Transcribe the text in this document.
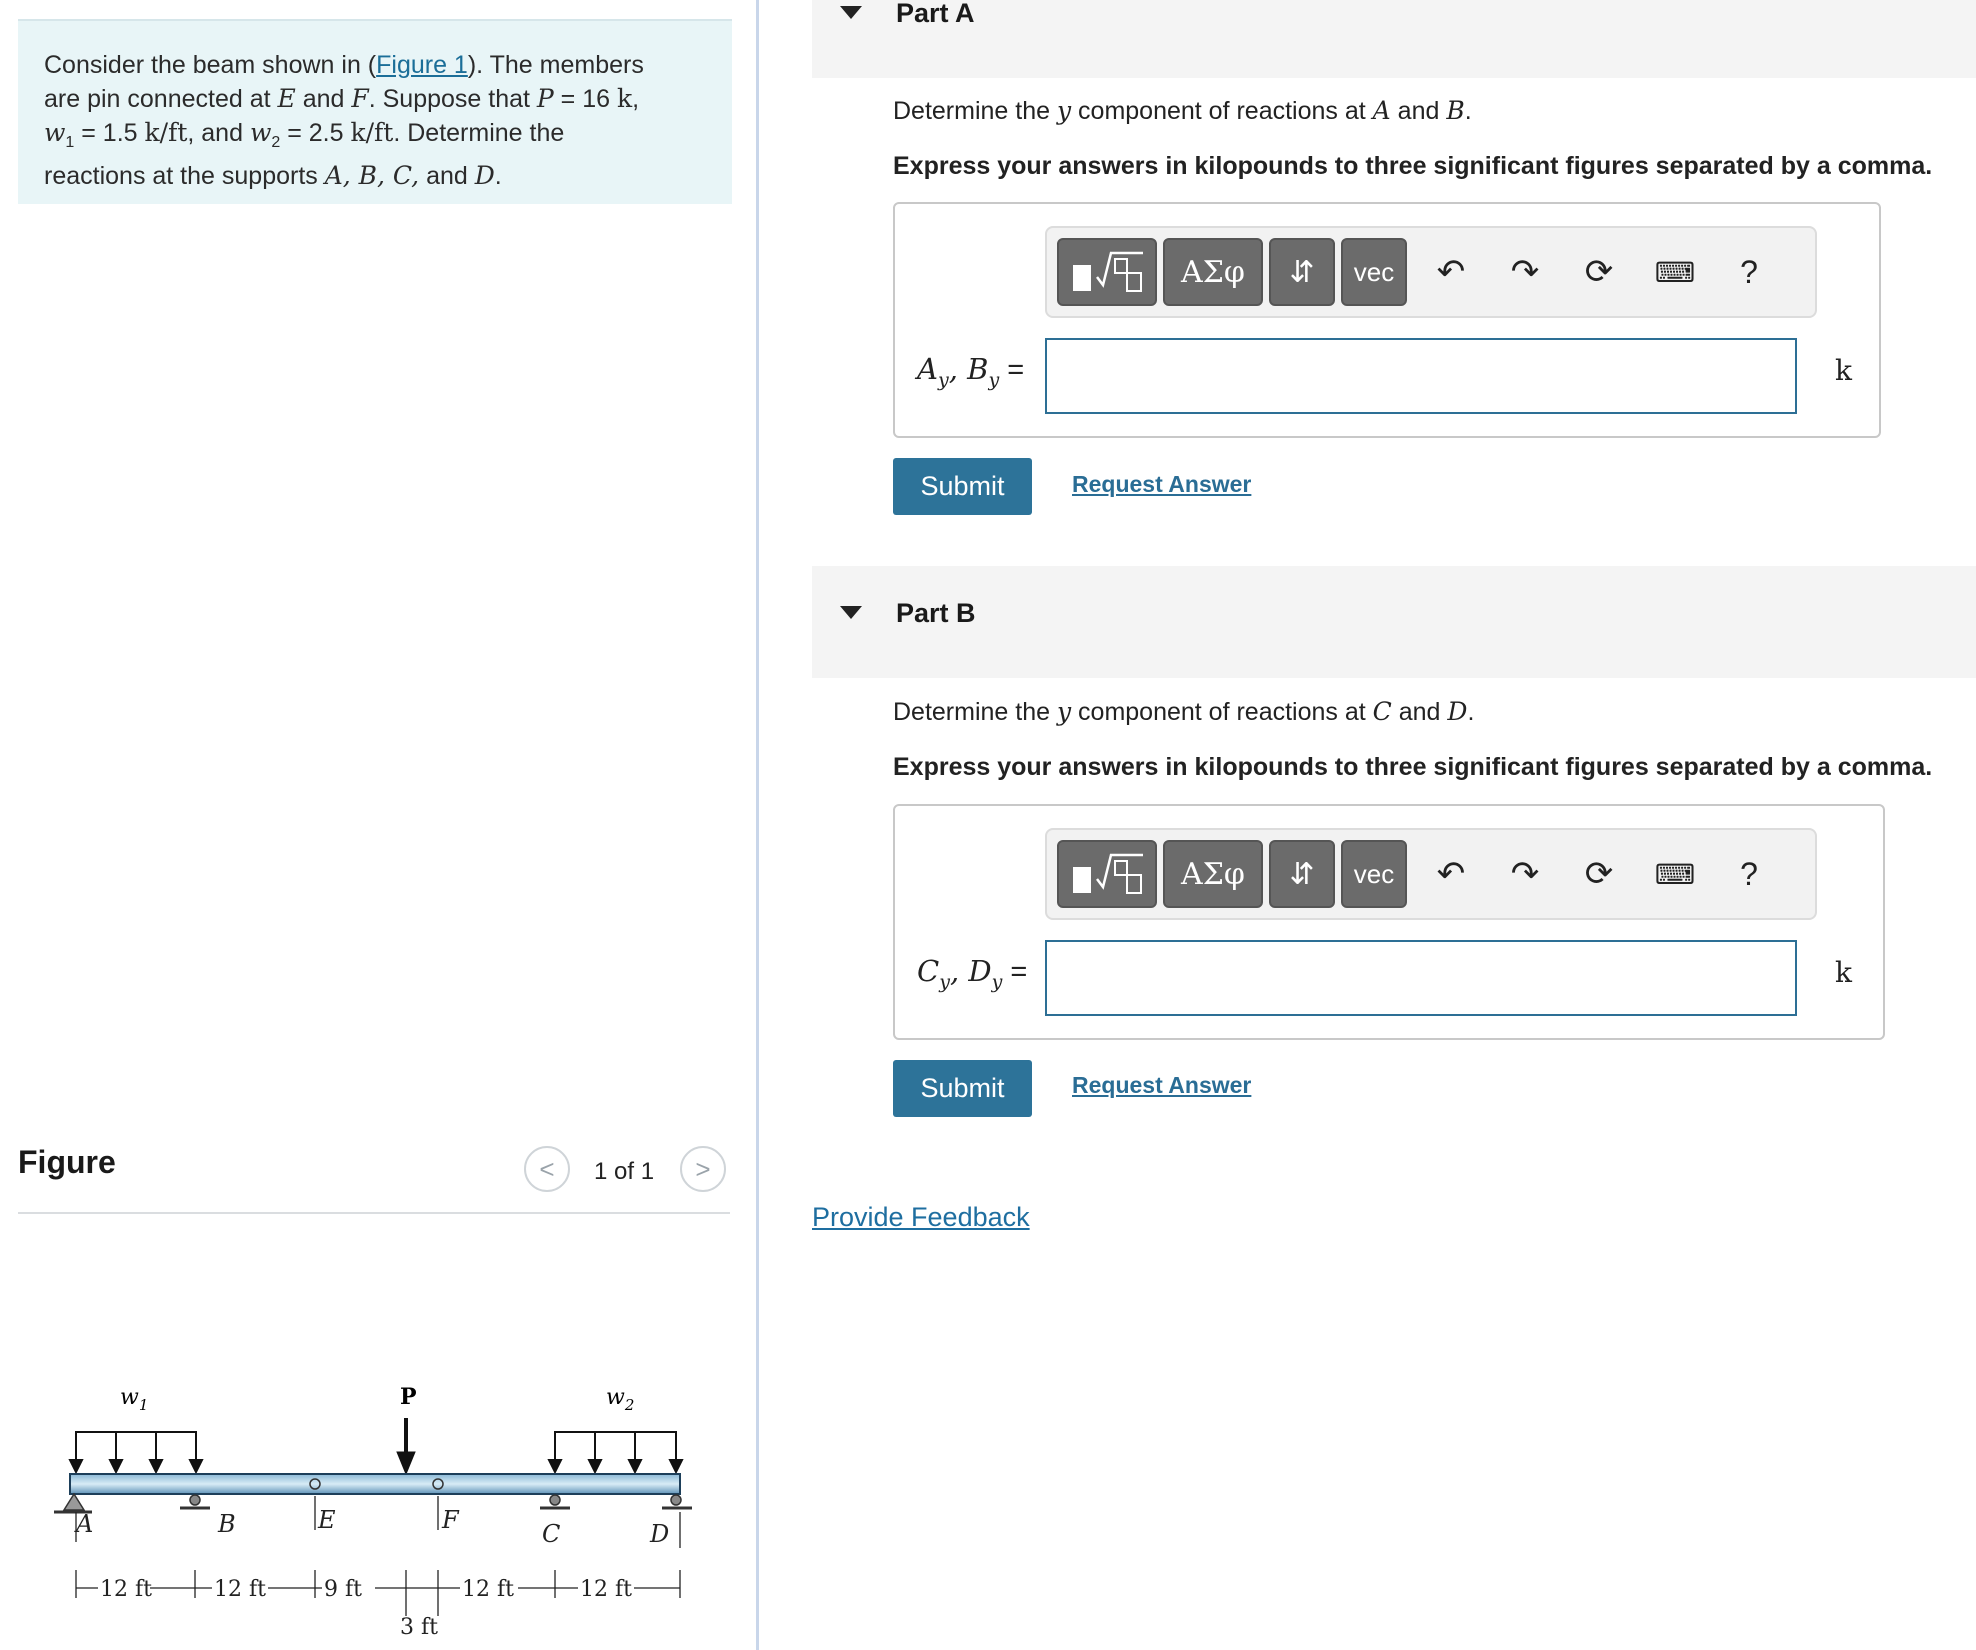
Consider the beam shown in (Figure 1). The members
are pin connected at E and F. Suppose that P = 16 k,
$w_1 = 1.5$ k/ft, and $w_2 = 2.5$ k/ft. Determine the
reactions at the supports A, B, C, and D.
Figure	< 1 of 1 >
$w_1$	P	$w_2$
A	B	E	F	C	D
12 ft	12 ft	9 ft	12 ft	12 ft
3 ft
Part A
Determine the y component of reactions at A and B.
Express your answers in kilopounds to three significant figures separated by a comma.
ΑΣφ	⇵	vec	↶	↷	⟳	⌨	?
$A_y$, $B_y$ =	k
Submit	Request Answer
Part B
Determine the y component of reactions at C and D.
Express your answers in kilopounds to three significant figures separated by a comma.
ΑΣφ	⇵	vec	↶	↷	⟳	⌨	?
$C_y$, $D_y$ =	k
Submit	Request Answer
Provide Feedback
